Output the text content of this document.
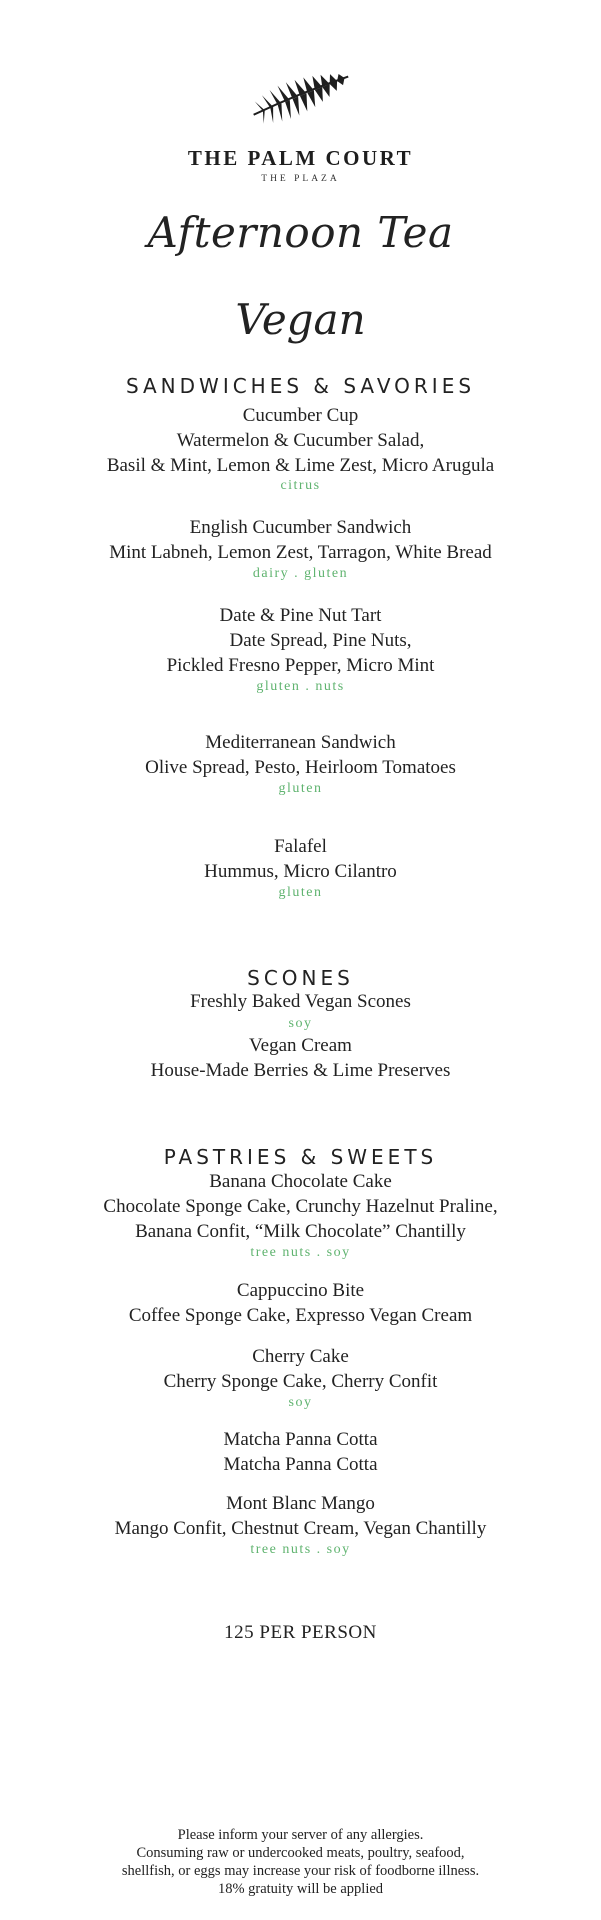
THE PALM COURT
THE PLAZA
Afternoon Tea
Vegan
SANDWICHES & SAVORIES
Cucumber Cup
Watermelon & Cucumber Salad,
Basil & Mint, Lemon & Lime Zest, Micro Arugula
citrus
English Cucumber Sandwich
Mint Labneh, Lemon Zest, Tarragon, White Bread
dairy . gluten
Date & Pine Nut Tart
Date Spread, Pine Nuts,
Pickled Fresno Pepper, Micro Mint
gluten . nuts
Mediterranean Sandwich
Olive Spread, Pesto, Heirloom Tomatoes
gluten
Falafel
Hummus, Micro Cilantro
gluten
SCONES
Freshly Baked Vegan Scones
soy
Vegan Cream
House-Made Berries & Lime Preserves
PASTRIES & SWEETS
Banana Chocolate Cake
Chocolate Sponge Cake, Crunchy Hazelnut Praline,
Banana Confit, “Milk Chocolate” Chantilly
tree nuts . soy
Cappuccino Bite
Coffee Sponge Cake, Expresso Vegan Cream
Cherry Cake
Cherry Sponge Cake, Cherry Confit
soy
Matcha Panna Cotta
Matcha Panna Cotta
Mont Blanc Mango
Mango Confit, Chestnut Cream, Vegan Chantilly
tree nuts . soy
125 PER PERSON
Please inform your server of any allergies.
Consuming raw or undercooked meats, poultry, seafood,
shellfish, or eggs may increase your risk of foodborne illness.
18% gratuity will be applied
